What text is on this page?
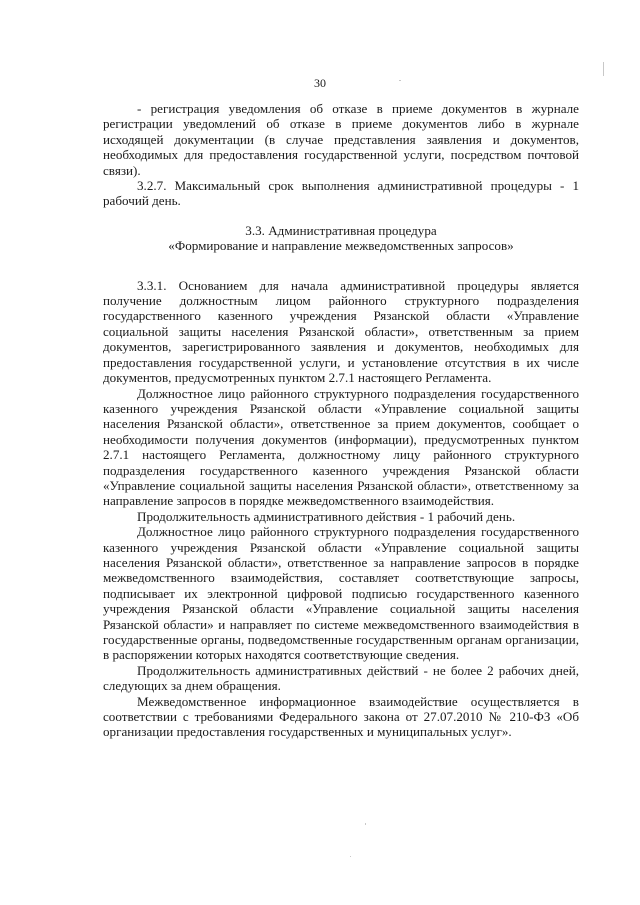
30

- регистрация уведомления об отказе в приеме документов в журнале регистрации уведомлений об отказе в приеме документов либо в журнале исходящей документации (в случае представления заявления и документов, необходимых для предоставления государственной услуги, посредством почтовой связи).

3.2.7. Максимальный срок выполнения административной процедуры - 1 рабочий день.

3.3. Административная процедура

«Формирование и направление межведомственных запросов»

3.3.1. Основанием для начала административной процедуры является получение должностным лицом районного структурного подразделения государственного казенного учреждения Рязанской области «Управление социальной защиты населения Рязанской области», ответственным за прием документов, зарегистрированного заявления и документов, необходимых для предоставления государственной услуги, и установление отсутствия в их числе документов, предусмотренных пунктом 2.7.1 настоящего Регламента.

Должностное лицо районного структурного подразделения государственного казенного учреждения Рязанской области «Управление социальной защиты населения Рязанской области», ответственное за прием документов, сообщает о необходимости получения документов (информации), предусмотренных пунктом 2.7.1 настоящего Регламента, должностному лицу районного структурного подразделения государственного казенного учреждения Рязанской области «Управление социальной защиты населения Рязанской области», ответственному за направление запросов в порядке межведомственного взаимодействия.

Продолжительность административного действия - 1 рабочий день.

Должностное лицо районного структурного подразделения государственного казенного учреждения Рязанской области «Управление социальной защиты населения Рязанской области», ответственное за направление запросов в порядке межведомственного взаимодействия, составляет соответствующие запросы, подписывает их электронной цифровой подписью государственного казенного учреждения Рязанской области «Управление социальной защиты населения Рязанской области» и направляет по системе межведомственного взаимодействия в государственные органы, подведомственные государственным органам организации, в распоряжении которых находятся соответствующие сведения.

Продолжительность административных действий - не более 2 рабочих дней, следующих за днем обращения.

Межведомственное информационное взаимодействие осуществляется в соответствии с требованиями Федерального закона от 27.07.2010 № 210-ФЗ «Об организации предоставления государственных и муниципальных услуг».
